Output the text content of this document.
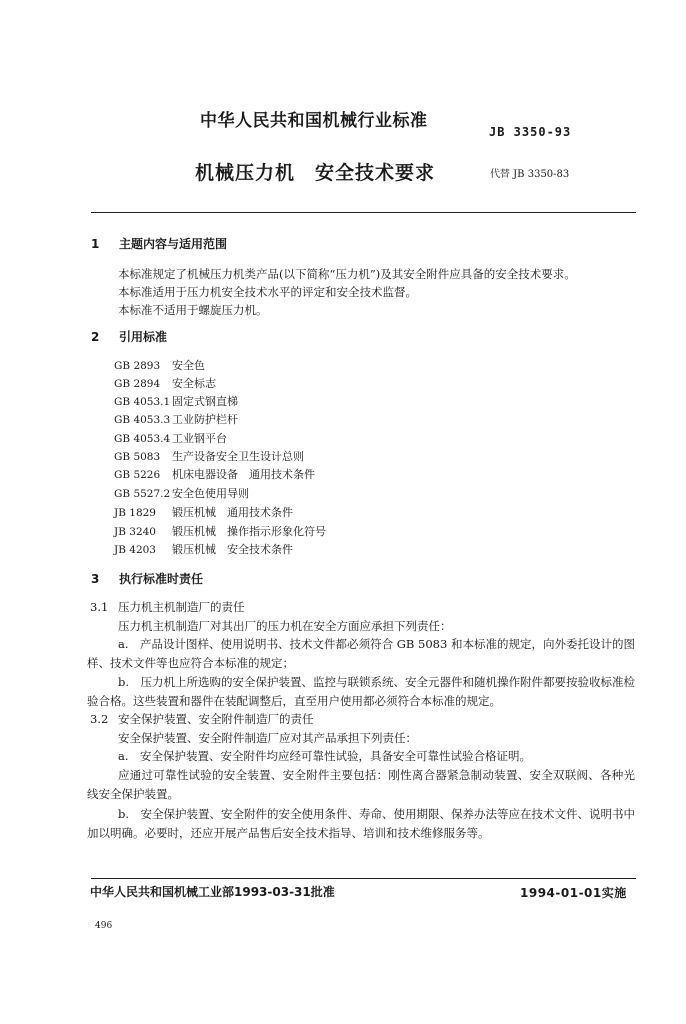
中华人民共和国机械行业标准
JB 3350-93
机械压力机　安全技术要求	代替 JB 3350-83
1 主题内容与适用范围
本标准规定了机械压力机类产品(以下简称“压力机”)及其安全附件应具备的安全技术要求。
本标准适用于压力机安全技术水平的评定和安全技术监督。
本标准不适用于螺旋压力机。
2 引用标准
GB 2893 安全色
GB 2894 安全标志
GB 4053.1 固定式钢直梯
GB 4053.3 工业防护栏杆
GB 4053.4 工业钢平台
GB 5083 生产设备安全卫生设计总则
GB 5226 机床电器设备　通用技术条件
GB 5527.2 安全色使用导则
JB 1829 锻压机械　通用技术条件
JB 3240 锻压机械　操作指示形象化符号
JB 4203 锻压机械　安全技术条件
3 执行标准时责任
3.1 压力机主机制造厂的责任
压力机主机制造厂对其出厂的压力机在安全方面应承担下列责任：
a.　产品设计图样、使用说明书、技术文件都必须符合 GB 5083 和本标准的规定，向外委托设计的图样、技术文件等也应符合本标准的规定；
b.　压力机上所选购的安全保护装置、监控与联锁系统、安全元器件和随机操作附件都要按验收标准检验合格。这些装置和器件在装配调整后，直至用户使用都必须符合本标准的规定。
3.2 安全保护装置、安全附件制造厂的责任
安全保护装置、安全附件制造厂应对其产品承担下列责任：
a.　安全保护装置、安全附件均应经可靠性试验，具备安全可靠性试验合格证明。
应通过可靠性试验的安全装置、安全附件主要包括：刚性离合器紧急制动装置、安全双联阀、各种光线安全保护装置。
b.　安全保护装置、安全附件的安全使用条件、寿命、使用期限、保养办法等应在技术文件、说明书中加以明确。必要时，还应开展产品售后安全技术指导、培训和技术维修服务等。
中华人民共和国机械工业部1993-03-31批准	1994-01-01实施
496
